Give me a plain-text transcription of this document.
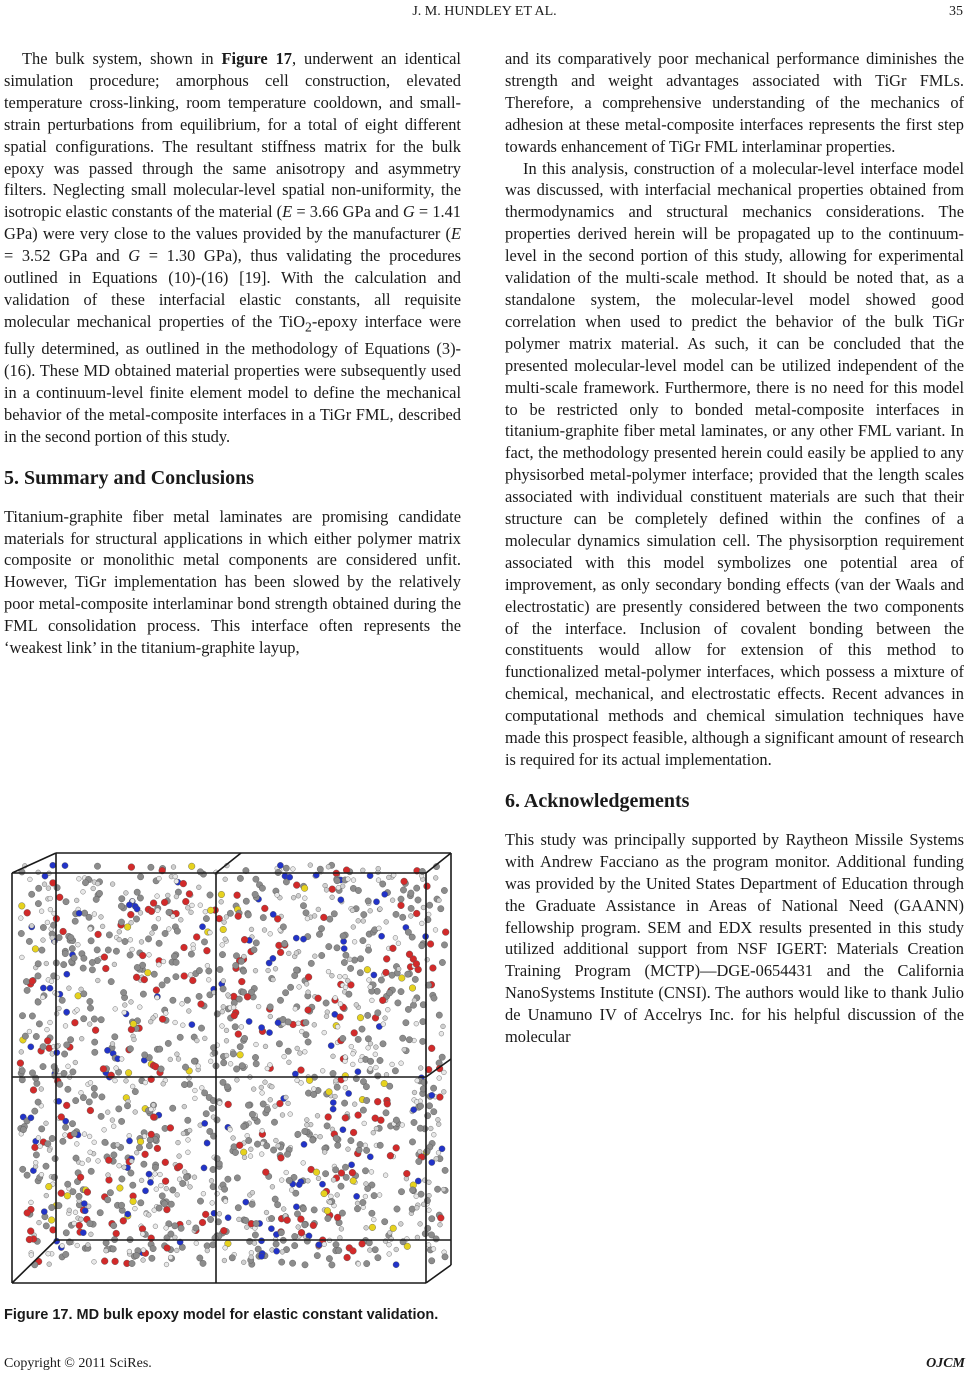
J. M. HUNDLEY ET AL.	35

The bulk system, shown in Figure 17, underwent an identical simulation procedure; amorphous cell construction, elevated temperature cross-linking, room temperature cooldown, and small-strain perturbations from equilibrium, for a total of eight different spatial configurations. The resultant stiffness matrix for the bulk epoxy was passed through the same anisotropy and asymmetry filters. Neglecting small molecular-level spatial non-uniformity, the isotropic elastic constants of the material (E = 3.66 GPa and G = 1.41 GPa) were very close to the values provided by the manufacturer (E = 3.52 GPa and G = 1.30 GPa), thus validating the procedures outlined in Equations (10)-(16) [19]. With the calculation and validation of these interfacial elastic constants, all requisite molecular mechanical properties of the TiO$_2$-epoxy interface were fully determined, as outlined in the methodology of Equations (3)-(16). These MD obtained material properties were subsequently used in a continuum-level finite element model to define the mechanical behavior of the metal-composite interfaces in a TiGr FML, described in the second portion of this study.

5. Summary and Conclusions

Titanium-graphite fiber metal laminates are promising candidate materials for structural applications in which either polymer matrix composite or monolithic metal components are considered unfit. However, TiGr implementation has been slowed by the relatively poor metal-composite interlaminar bond strength obtained during the FML consolidation process. This interface often represents the ‘weakest link’ in the titanium-graphite layup,

Figure 17. MD bulk epoxy model for elastic constant validation.

and its comparatively poor mechanical performance diminishes the strength and weight advantages associated with TiGr FMLs. Therefore, a comprehensive understanding of the mechanics of adhesion at these metal-composite interfaces represents the first step towards enhancement of TiGr FML interlaminar properties.

In this analysis, construction of a molecular-level interface model was discussed, with interfacial mechanical properties obtained from thermodynamics and structural mechanics considerations. The properties derived herein will be propagated up to the continuum-level in the second portion of this study, allowing for experimental validation of the multi-scale method. It should be noted that, as a standalone system, the molecular-level model showed good correlation when used to predict the behavior of the bulk TiGr polymer matrix material. As such, it can be concluded that the presented molecular-level model can be utilized independent of the multi-scale framework. Furthermore, there is no need for this model to be restricted only to bonded metal-composite interfaces in titanium-graphite fiber metal laminates, or any other FML variant. In fact, the methodology presented herein could easily be applied to any physisorbed metal-polymer interface; provided that the length scales associated with individual constituent materials are such that their structure can be completely defined within the confines of a molecular dynamics simulation cell. The physisorption requirement associated with this model symbolizes one potential area of improvement, as only secondary bonding effects (van der Waals and electrostatic) are presently considered between the two components of the interface. Inclusion of covalent bonding between the constituents would allow for extension of this method to functionalized metal-polymer interfaces, which possess a mixture of chemical, mechanical, and electrostatic effects. Recent advances in computational methods and chemical simulation techniques have made this prospect feasible, although a significant amount of research is required for its actual implementation.

6. Acknowledgements

This study was principally supported by Raytheon Missile Systems with Andrew Facciano as the program monitor. Additional funding was provided by the United States Department of Education through the Graduate Assistance in Areas of National Need (GAANN) fellowship program. SEM and EDX results presented in this study utilized additional support from NSF IGERT: Materials Creation Training Program (MCTP)—DGE-0654431 and the California NanoSystems Institute (CNSI). The authors would like to thank Julio de Unamuno IV of Accelrys Inc. for his helpful discussion of the molecular

Copyright © 2011 SciRes.	OJCM
